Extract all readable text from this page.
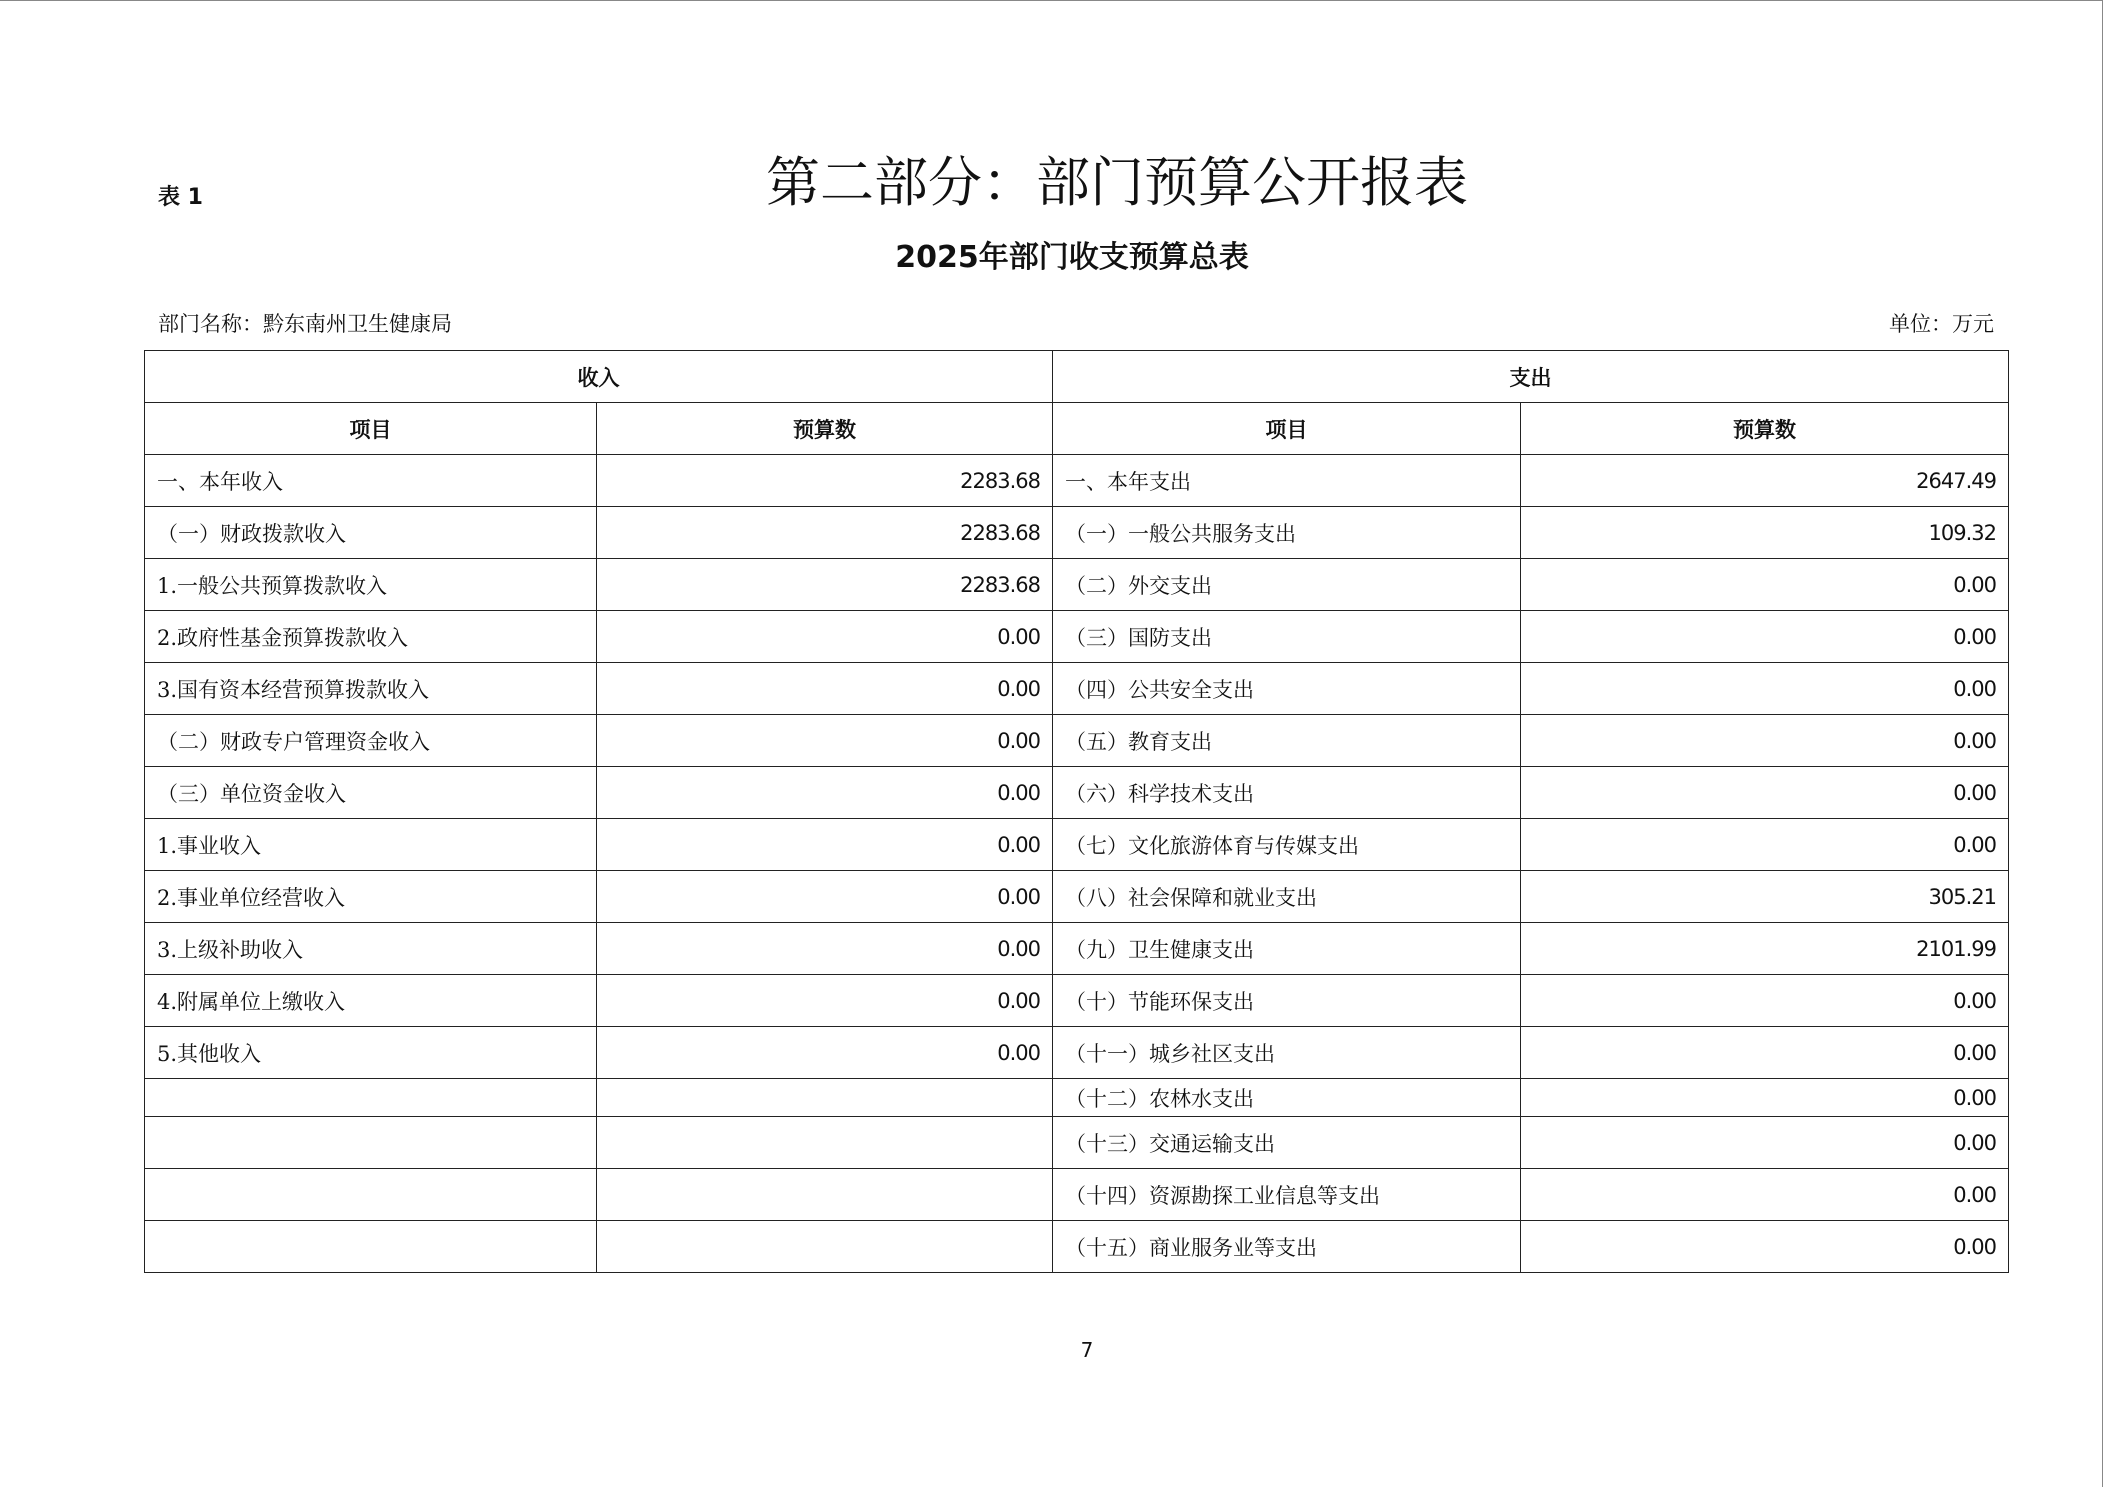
表 1	第二部分：部门预算公开报表
2025年部门收支预算总表
部门名称：黔东南州卫生健康局	单位：万元
收入		支出	
项目	预算数	项目	预算数
一、本年收入	2283.68	一、本年支出	2647.49
（一）财政拨款收入	2283.68	（一）一般公共服务支出	109.32
1.一般公共预算拨款收入	2283.68	（二）外交支出	0.00
2.政府性基金预算拨款收入	0.00	（三）国防支出	0.00
3.国有资本经营预算拨款收入	0.00	（四）公共安全支出	0.00
（二）财政专户管理资金收入	0.00	（五）教育支出	0.00
（三）单位资金收入	0.00	（六）科学技术支出	0.00
1.事业收入	0.00	（七）文化旅游体育与传媒支出	0.00
2.事业单位经营收入	0.00	（八）社会保障和就业支出	305.21
3.上级补助收入	0.00	（九）卫生健康支出	2101.99
4.附属单位上缴收入	0.00	（十）节能环保支出	0.00
5.其他收入	0.00	（十一）城乡社区支出	0.00
		（十二）农林水支出	0.00
		（十三）交通运输支出	0.00
		（十四）资源勘探工业信息等支出	0.00
		（十五）商业服务业等支出	0.00
7
